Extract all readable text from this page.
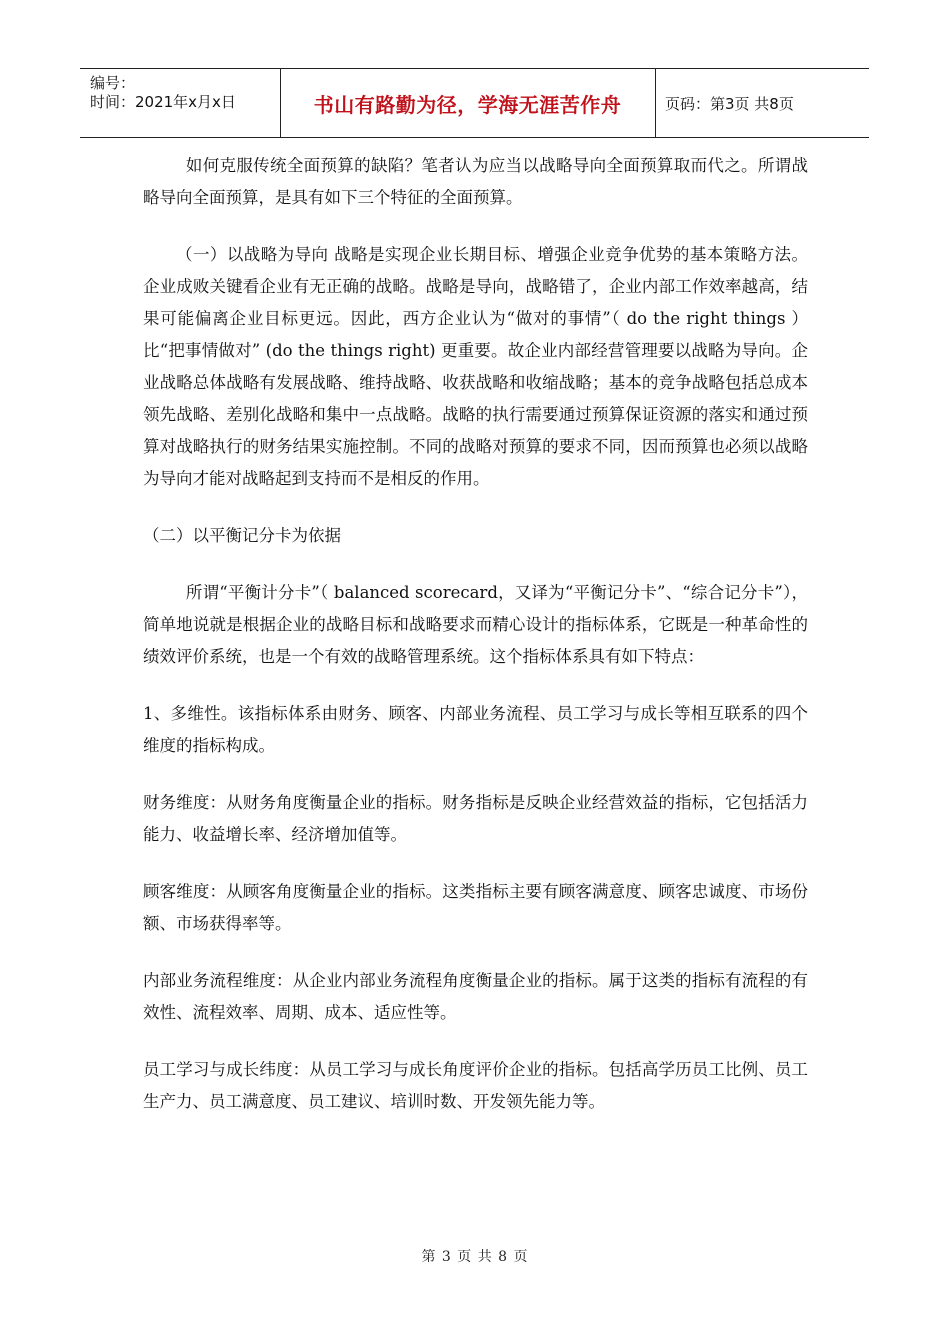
编号：
时间：2021年x月x日	书山有路勤为径，学海无涯苦作舟	页码：第3页 共8页

如何克服传统全面预算的缺陷？笔者认为应当以战略导向全面预算取而代之。所谓战略导向全面预算，是具有如下三个特征的全面预算。

（一）以战略为导向 战略是实现企业长期目标、增强企业竞争优势的基本策略方法。企业成败关键看企业有无正确的战略。战略是导向，战略错了，企业内部工作效率越高，结果可能偏离企业目标更远。因此，西方企业认为“做对的事情”（ do the right things ）比“把事情做对” (do the things right) 更重要。故企业内部经营管理要以战略为导向。企业战略总体战略有发展战略、维持战略、收获战略和收缩战略；基本的竞争战略包括总成本领先战略、差别化战略和集中一点战略。战略的执行需要通过预算保证资源的落实和通过预算对战略执行的财务结果实施控制。不同的战略对预算的要求不同，因而预算也必须以战略为导向才能对战略起到支持而不是相反的作用。

（二）以平衡记分卡为依据

所谓“平衡计分卡”（ balanced scorecard，又译为“平衡记分卡”、“综合记分卡”），简单地说就是根据企业的战略目标和战略要求而精心设计的指标体系，它既是一种革命性的绩效评价系统，也是一个有效的战略管理系统。这个指标体系具有如下特点：

1、多维性。该指标体系由财务、顾客、内部业务流程、员工学习与成长等相互联系的四个维度的指标构成。

财务维度：从财务角度衡量企业的指标。财务指标是反映企业经营效益的指标，它包括活力能力、收益增长率、经济增加值等。

顾客维度：从顾客角度衡量企业的指标。这类指标主要有顾客满意度、顾客忠诚度、市场份额、市场获得率等。

内部业务流程维度：从企业内部业务流程角度衡量企业的指标。属于这类的指标有流程的有效性、流程效率、周期、成本、适应性等。

员工学习与成长纬度：从员工学习与成长角度评价企业的指标。包括高学历员工比例、员工生产力、员工满意度、员工建议、培训时数、开发领先能力等。

第 3 页 共 8 页
